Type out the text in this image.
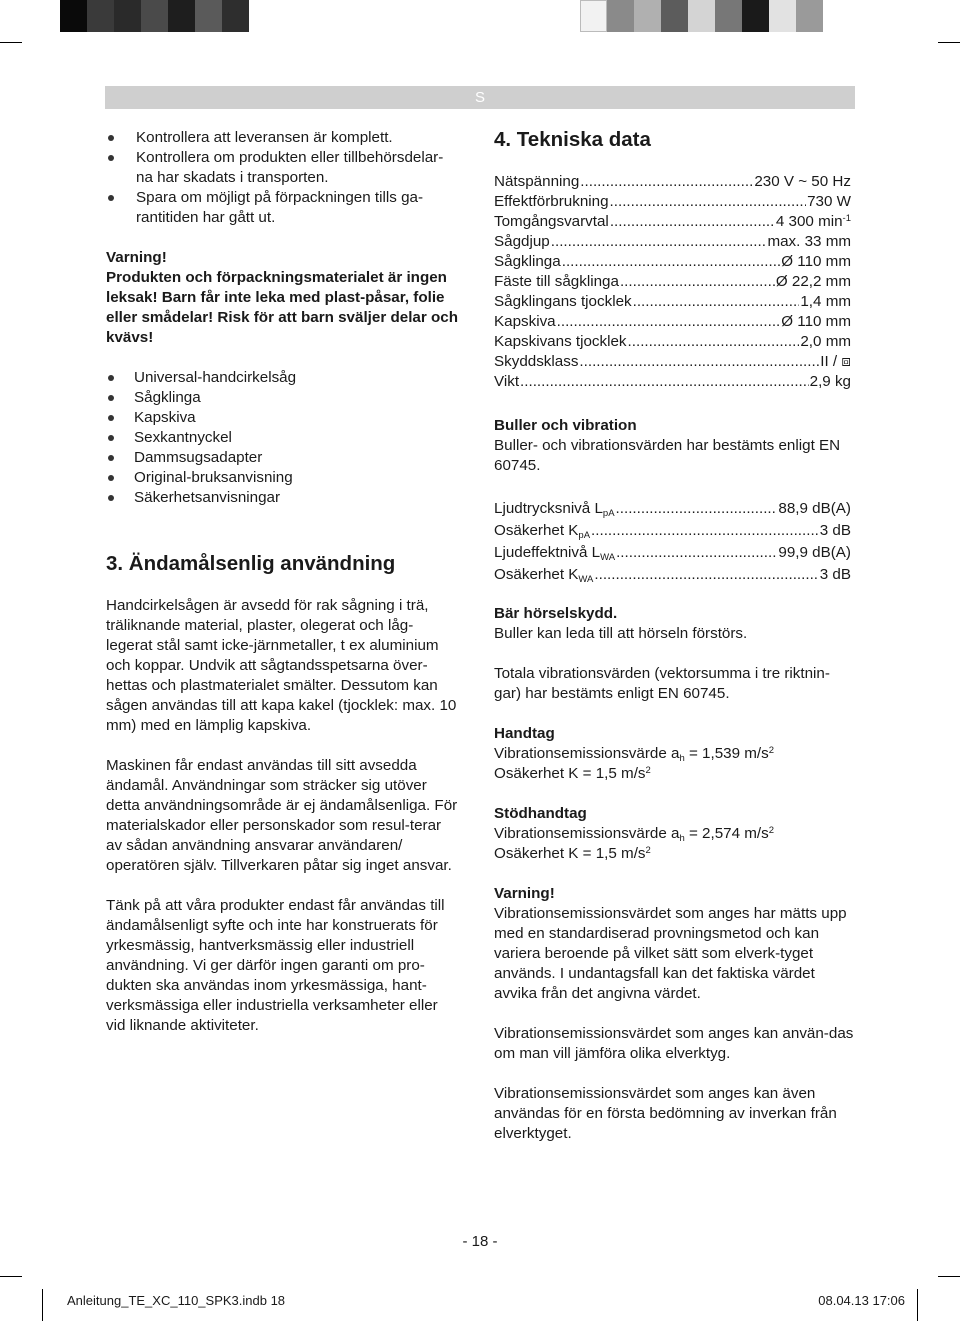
S
Kontrollera att leveransen är komplett.
Kontrollera om produkten eller tillbehörsdelar-na har skadats i transporten.
Spara om möjligt på förpackningen tills ga-rantitiden har gått ut.

Varning!

Produkten och förpackningsmaterialet är ingen leksak! Barn får inte leka med plast-påsar, folie eller smådelar! Risk för att barn sväljer delar och kvävs!

Universal-handcirkelsåg
Sågklinga
Kapskiva
Sexkantnyckel
Dammsugsadapter
Original-bruksanvisning
Säkerhetsanvisningar
3. Ändamålsenlig användning

Handcirkelsågen är avsedd för rak sågning i trä, träliknande material, plaster, olegerat och låg-legerat stål samt icke-järnmetaller, t ex aluminium och koppar. Undvik att sågtandsspetsarna över-hettas och plastmaterialet smälter. Dessutom kan sågen användas till att kapa kakel (tjocklek: max. 10 mm) med en lämplig kapskiva.

Maskinen får endast användas till sitt avsedda ändamål. Användningar som sträcker sig utöver detta användningsområde är ej ändamålsenliga. För materialskador eller personskador som resul-terar av sådan användning ansvarar användaren/ operatören själv. Tillverkaren påtar sig inget ansvar.

Tänk på att våra produkter endast får användas till ändamålsenligt syfte och inte har konstruerats för yrkesmässig, hantverksmässig eller industriell användning. Vi ger därför ingen garanti om pro-dukten ska användas inom yrkesmässiga, hant-verksmässiga eller industriella verksamheter eller vid liknande aktiviteter.

4. Tekniska data
Nätspänning .....	230 V ~ 50 Hz
Effektförbrukning .....	730 W
Tomgångsvarvtal .....	4 300 $\min^{-1}$
Sågdjup .....	max. 33 mm
Sågklinga .....	Ø 110 mm
Fäste till sågklinga .....	Ø 22,2 mm
Sågklingans tjocklek .....	1,4 mm
Kapskiva .....	Ø 110 mm
Kapskivans tjocklek .....	2,0 mm
Skyddsklass .....	II / ⧈
Vikt .....	2,9 kg

Buller och vibration

Buller- och vibrationsvärden har bestämts enligt EN 60745.

Ljudtrycksnivå $L_{pA}$ .....	88,9 dB(A)
Osäkerhet $K_{pA}$ .....	3 dB
Ljudeffektnivå $L_{WA}$ .....	99,9 dB(A)
Osäkerhet $K_{WA}$ .....	3 dB

Bär hörselskydd.

Buller kan leda till att hörseln förstörs.

Totala vibrationsvärden (vektorsumma i tre riktnin-gar) har bestämts enligt EN 60745.

Handtag

Vibrationsemissionsvärde $a_h = 1,539$ $m/s^2$

Osäkerhet K = 1,5 $m/s^2$

Stödhandtag

Vibrationsemissionsvärde $a_h = 2,574$ $m/s^2$

Osäkerhet K = 1,5 $m/s^2$

Varning!

Vibrationsemissionsvärdet som anges har mätts upp med en standardiserad provningsmetod och kan variera beroende på vilket sätt som elverk-tyget används. I undantagsfall kan det faktiska värdet avvika från det angivna värdet.

Vibrationsemissionsvärdet som anges kan använ-das om man vill jämföra olika elverktyg.

Vibrationsemissionsvärdet som anges kan även användas för en första bedömning av inverkan från elverktyget.

- 18 -
Anleitung_TE_XC_110_SPK3.indb 18	08.04.13 17:06
